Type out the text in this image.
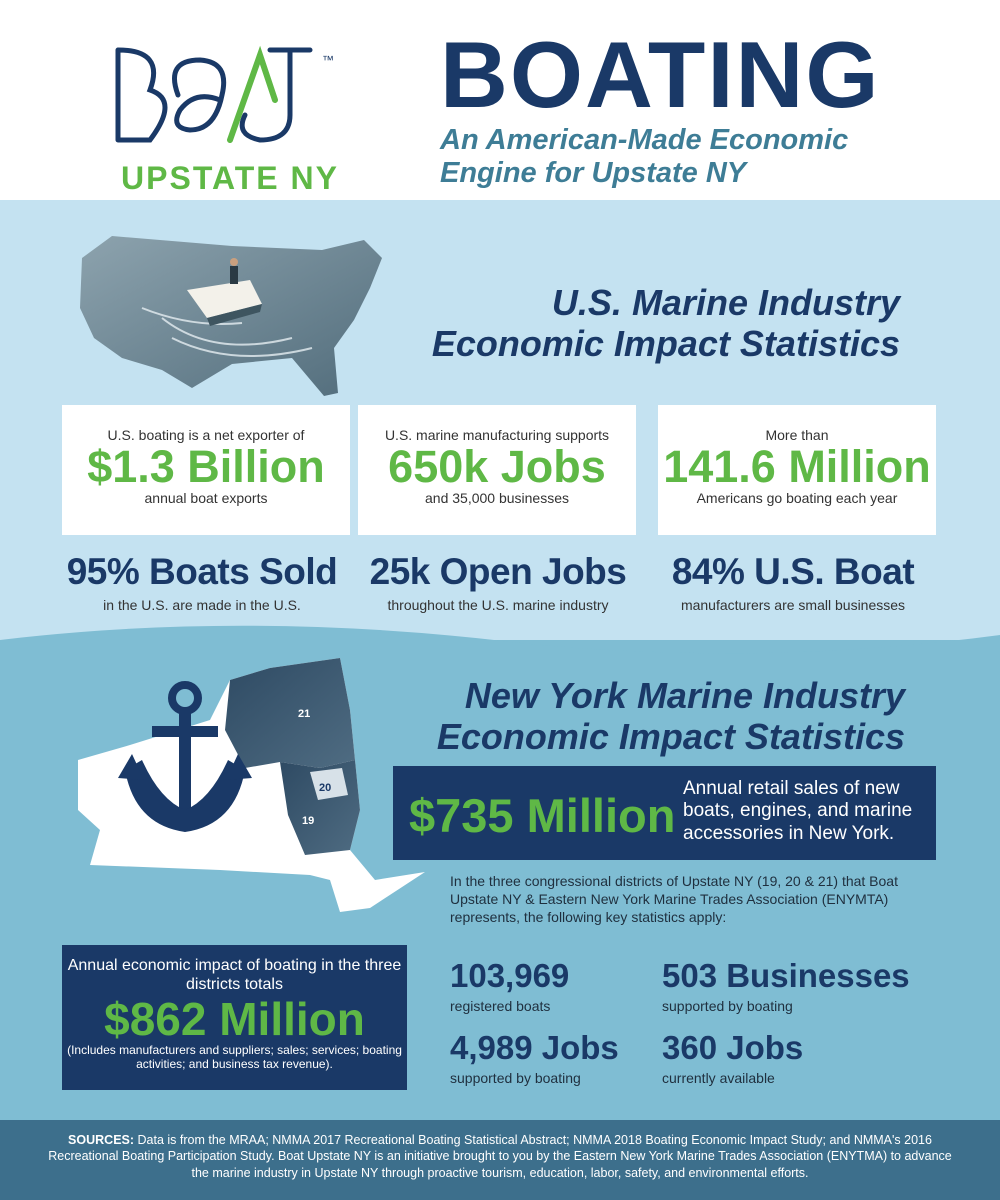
™
UPSTATE NY
BOATING
An American-Made Economic Engine for Upstate NY
U.S. Marine Industry Economic Impact Statistics
U.S. boating is a net exporter of
$1.3 Billion
annual boat exports
U.S. marine manufacturing supports
650k Jobs
and 35,000 businesses
More than
141.6 Million
Americans go boating each year
95% Boats Sold
in the U.S. are made in the U.S.
25k Open Jobs
throughout the U.S. marine industry
84% U.S. Boat
manufacturers are small businesses
21
20
19
New York Marine Industry Economic Impact Statistics
$735 Million
Annual retail sales of new boats, engines, and marine accessories in New York.
In the three congressional districts of Upstate NY (19, 20 & 21) that Boat Upstate NY & Eastern New York Marine Trades Association (ENYMTA) represents, the following key statistics apply:
Annual economic impact of boating in the three districts totals
$862 Million
(Includes manufacturers and suppliers; sales; services; boating activities; and business tax revenue).
103,969
registered boats
503 Businesses
supported by boating
4,989 Jobs
supported by boating
360 Jobs
currently available
SOURCES: Data is from the MRAA; NMMA 2017 Recreational Boating Statistical Abstract; NMMA 2018 Boating Economic Impact Study; and NMMA's 2016 Recreational Boating Participation Study. Boat Upstate NY is an initiative brought to you by the Eastern New York Marine Trades Association (ENYTMA) to advance the marine industry in Upstate NY through proactive tourism, education, labor, safety, and environmental efforts.
